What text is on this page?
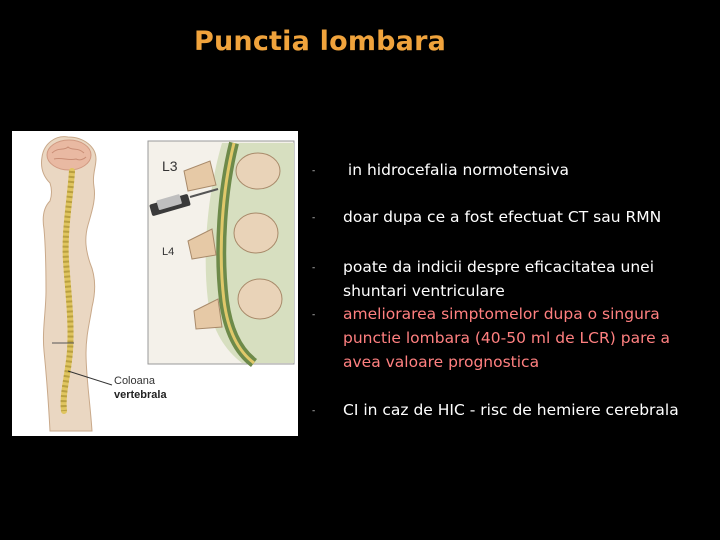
Punctia lombara
L3
L4
Coloana
vertebrala
-	in hidrocefalia normotensiva
-	doar dupa ce a fost efectuat CT sau RMN
-	poate da indicii despre eficacitatea unei shuntari ventriculare
-	ameliorarea simptomelor dupa o singura punctie lombara (40-50 ml de LCR) pare a avea valoare prognostica
-	CI in caz de HIC - risc de hemiere cerebrala
